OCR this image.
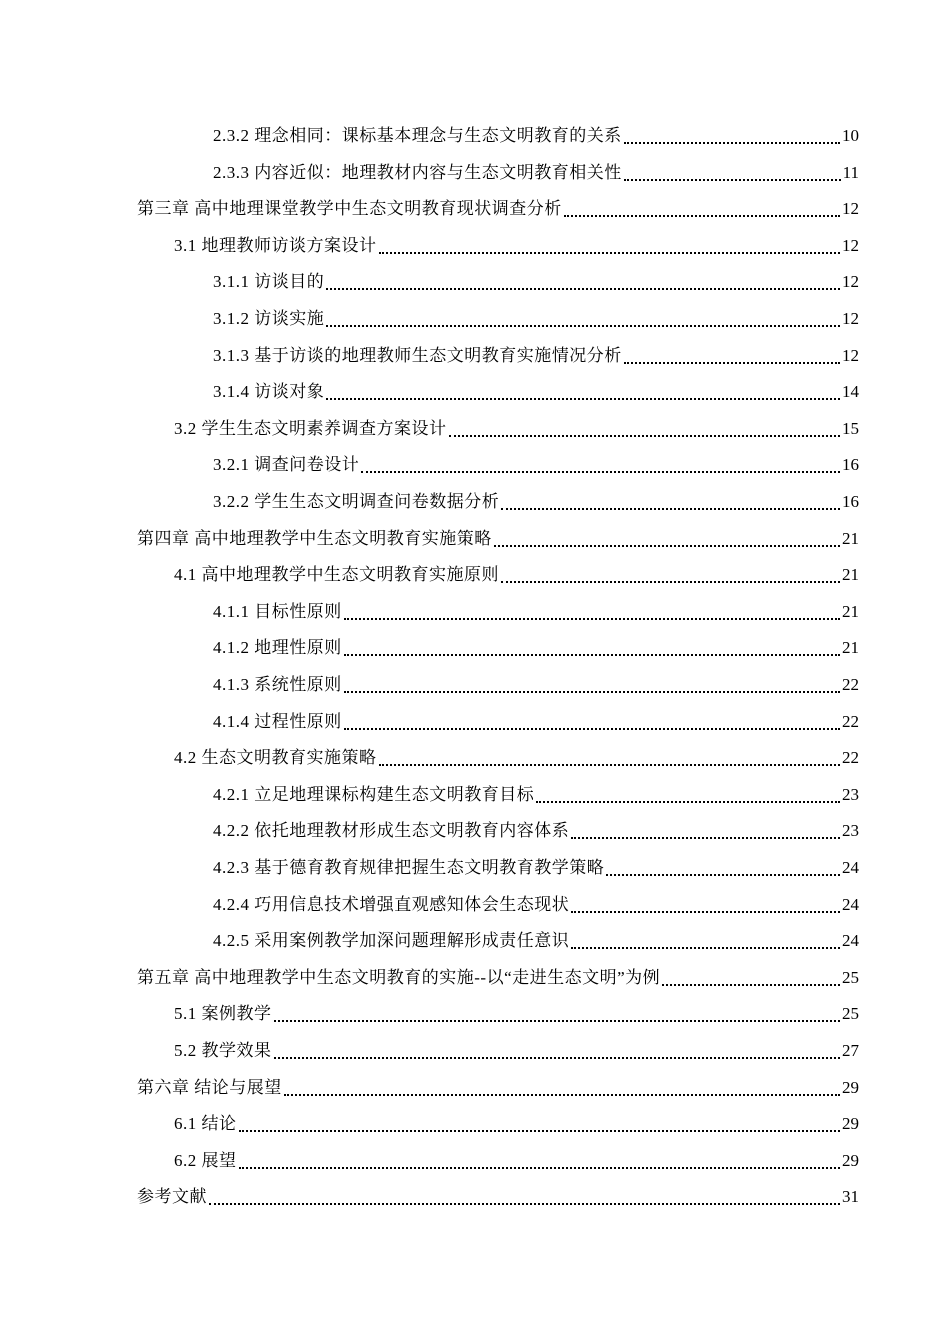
2.3.2 理念相同：课标基本理念与生态文明教育的关系	10
2.3.3 内容近似：地理教材内容与生态文明教育相关性	11
第三章 高中地理课堂教学中生态文明教育现状调查分析	12
3.1 地理教师访谈方案设计	12
3.1.1 访谈目的	12
3.1.2 访谈实施	12
3.1.3 基于访谈的地理教师生态文明教育实施情况分析	12
3.1.4 访谈对象	14
3.2 学生生态文明素养调查方案设计	15
3.2.1 调查问卷设计	16
3.2.2 学生生态文明调查问卷数据分析	16
第四章 高中地理教学中生态文明教育实施策略	21
4.1 高中地理教学中生态文明教育实施原则	21
4.1.1 目标性原则	21
4.1.2 地理性原则	21
4.1.3 系统性原则	22
4.1.4 过程性原则	22
4.2 生态文明教育实施策略	22
4.2.1 立足地理课标构建生态文明教育目标	23
4.2.2 依托地理教材形成生态文明教育内容体系	23
4.2.3 基于德育教育规律把握生态文明教育教学策略	24
4.2.4 巧用信息技术增强直观感知体会生态现状	24
4.2.5 采用案例教学加深问题理解形成责任意识	24
第五章 高中地理教学中生态文明教育的实施--以“走进生态文明”为例	25
5.1 案例教学	25
5.2 教学效果	27
第六章 结论与展望	29
6.1 结论	29
6.2 展望	29
参考文献	31
